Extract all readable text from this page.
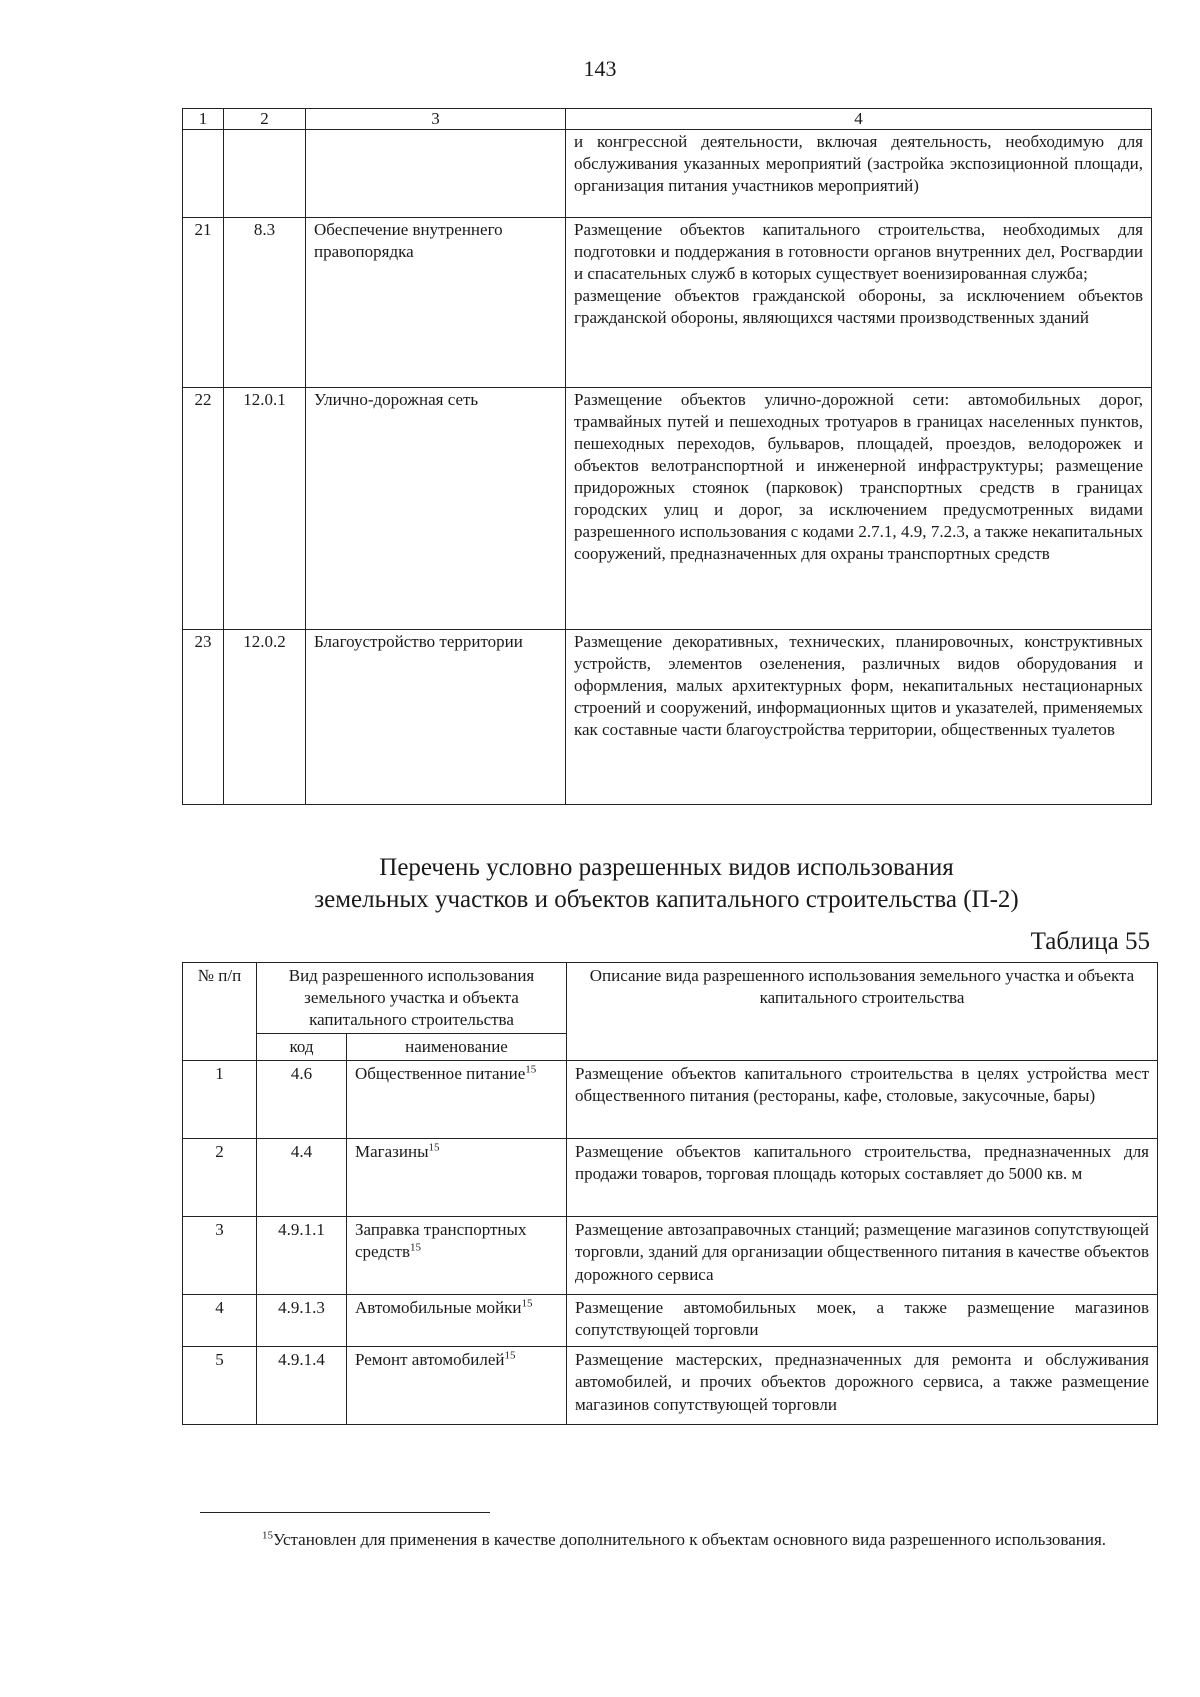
143
1	2	3	4
			и конгрессной деятельности, включая деятельность, необходимую для обслуживания указанных мероприятий (застройка экспозиционной площади, организация питания участников мероприятий)
21	8.3	Обеспечение внутреннего правопорядка	Размещение объектов капитального строительства, необходимых для подготовки и поддержания в готовности органов внутренних дел, Росгвардии и спасательных служб в которых существует военизированная служба;
размещение объектов гражданской обороны, за исключением объектов гражданской обороны, являющихся частями производственных зданий

22	12.0.1	Улично-дорожная сеть	Размещение объектов улично-дорожной сети: автомобильных дорог, трамвайных путей и пешеходных тротуаров в границах населенных пунктов, пешеходных переходов, бульваров, площадей, проездов, велодорожек и объектов велотранспортной и инженерной инфраструктуры; размещение придорожных стоянок (парковок) транспортных средств в границах городских улиц и дорог, за исключением предусмотренных видами разрешенного использования с кодами 2.7.1, 4.9, 7.2.3, а также некапитальных сооружений, предназначенных для охраны транспортных средств
23	12.0.2	Благоустройство территории	Размещение декоративных, технических, планировочных, конструктивных устройств, элементов озеленения, различных видов оборудования и оформления, малых архитектурных форм, некапитальных нестационарных строений и сооружений, информационных щитов и указателей, применяемых как составные части благоустройства территории, общественных туалетов
Перечень условно разрешенных видов использования
земельных участков и объектов капитального строительства (П-2)
Таблица 55
№ п/п	Вид разрешенного использования земельного участка и объекта капитального строительства		Описание вида разрешенного использования земельного участка и объекта капитального строительства
	код	наименование	
1	4.6	Общественное питание$^{15}$	Размещение объектов капитального строительства в целях устройства мест общественного питания (рестораны, кафе, столовые, закусочные, бары)
2	4.4	Магазины$^{15}$	Размещение объектов капитального строительства, предназначенных для продажи товаров, торговая площадь которых составляет до 5000 кв. м
3	4.9.1.1	Заправка транспортных средств$^{15}$	Размещение автозаправочных станций; размещение магазинов сопутствующей торговли, зданий для организации общественного питания в качестве объектов дорожного сервиса
4	4.9.1.3	Автомобильные мойки$^{15}$	Размещение автомобильных моек, а также размещение магазинов сопутствующей торговли
5	4.9.1.4	Ремонт автомобилей$^{15}$	Размещение мастерских, предназначенных для ремонта и обслуживания автомобилей, и прочих объектов дорожного сервиса, а также размещение магазинов сопутствующей торговли
$^{15}$Установлен для применения в качестве дополнительного к объектам основного вида разрешенного использования.
